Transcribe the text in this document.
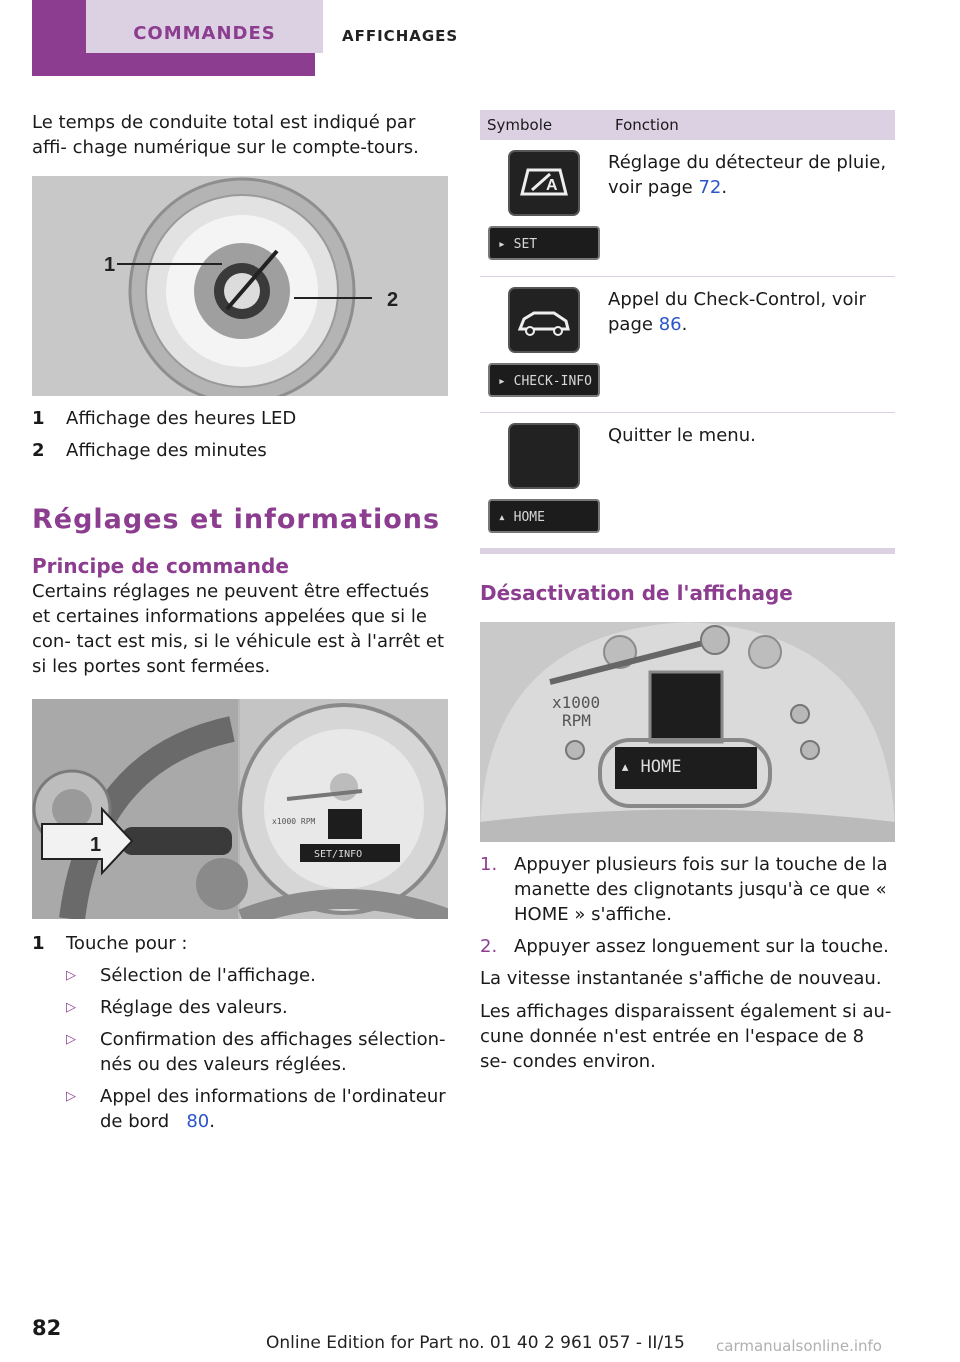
COMMANDES	AFFICHAGES

Le temps de conduite total est indiqué par affi- chage numérique sur le compte-tours.

1
2
1	Affichage des heures LED
2	Affichage des minutes
Réglages et informations
Principe de commande

Certains réglages ne peuvent être effectués et certaines informations appelées que si le con- tact est mis, si le véhicule est à l'arrêt et si les portes sont fermées.

1	SET/INFO
x1000 RPM
1	Touche pour :
▷	Sélection de l'affichage.
▷	Réglage des valeurs.
▷	Confirmation des affichages sélection- nés ou des valeurs réglées.
▷	Appel des informations de l'ordinateur de bord 80.
Symbole	Fonction

A
▸ SET	Réglage du détecteur de pluie, voir page 72.

▸ CHECK-INFO	Appel du Check-Control, voir page 86.

▴ HOME	Quitter le menu.
Désactivation de l'affichage
▴ HOME
x1000
RPM
1. Appuyer plusieurs fois sur la touche de la manette des clignotants jusqu'à ce que « HOME » s'affiche.
2. Appuyer assez longuement sur la touche.

La vitesse instantanée s'affiche de nouveau.

Les affichages disparaissent également si au- cune donnée n'est entrée en l'espace de 8 se- condes environ.

82
Online Edition for Part no. 01 40 2 961 057 - II/15 carmanualsonline.info
